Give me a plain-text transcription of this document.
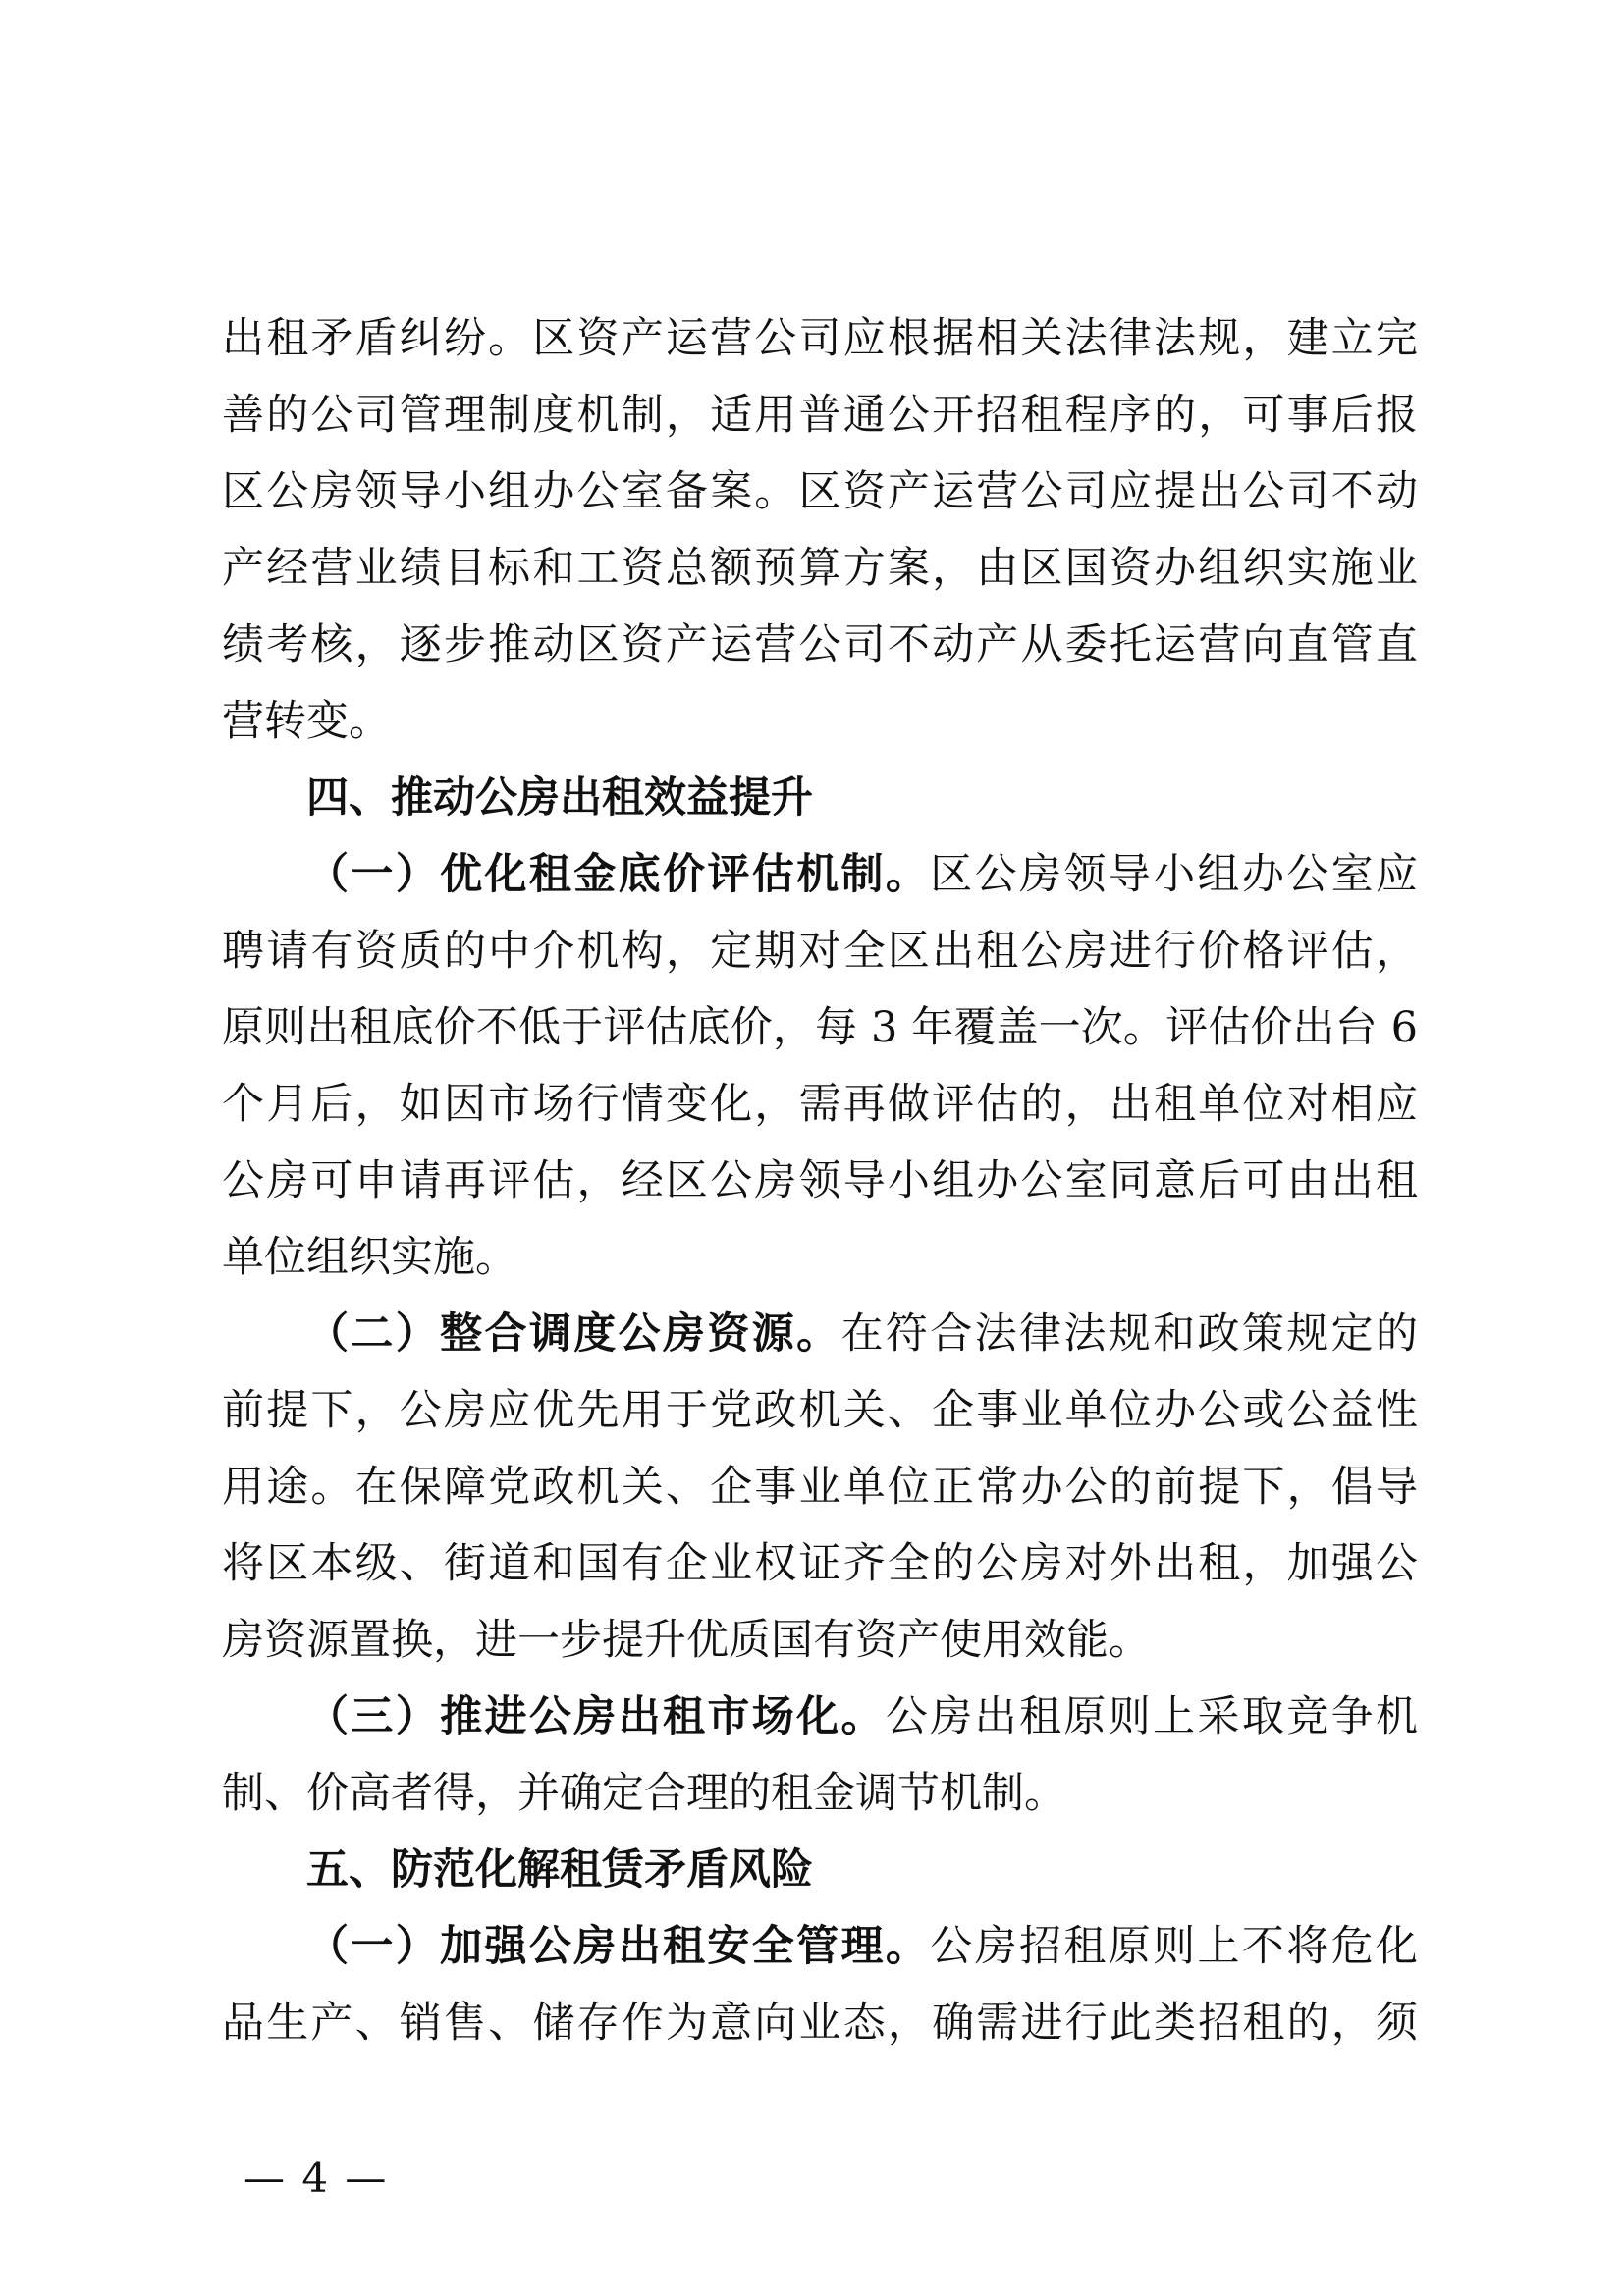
出租矛盾纠纷。区资产运营公司应根据相关法律法规，建立完
善的公司管理制度机制，适用普通公开招租程序的，可事后报
区公房领导小组办公室备案。区资产运营公司应提出公司不动
产经营业绩目标和工资总额预算方案，由区国资办组织实施业
绩考核，逐步推动区资产运营公司不动产从委托运营向直管直
营转变。
四、推动公房出租效益提升
（一）优化租金底价评估机制。区公房领导小组办公室应
聘请有资质的中介机构，定期对全区出租公房进行价格评估，
原则出租底价不低于评估底价，每 3 年覆盖一次。评估价出台 6
个月后，如因市场行情变化，需再做评估的，出租单位对相应
公房可申请再评估，经区公房领导小组办公室同意后可由出租
单位组织实施。
（二）整合调度公房资源。在符合法律法规和政策规定的
前提下，公房应优先用于党政机关、企事业单位办公或公益性
用途。在保障党政机关、企事业单位正常办公的前提下，倡导
将区本级、街道和国有企业权证齐全的公房对外出租，加强公
房资源置换，进一步提升优质国有资产使用效能。
（三）推进公房出租市场化。公房出租原则上采取竞争机
制、价高者得，并确定合理的租金调节机制。
五、防范化解租赁矛盾风险
（一）加强公房出租安全管理。公房招租原则上不将危化
品生产、销售、储存作为意向业态，确需进行此类招租的，须
— 4 —
